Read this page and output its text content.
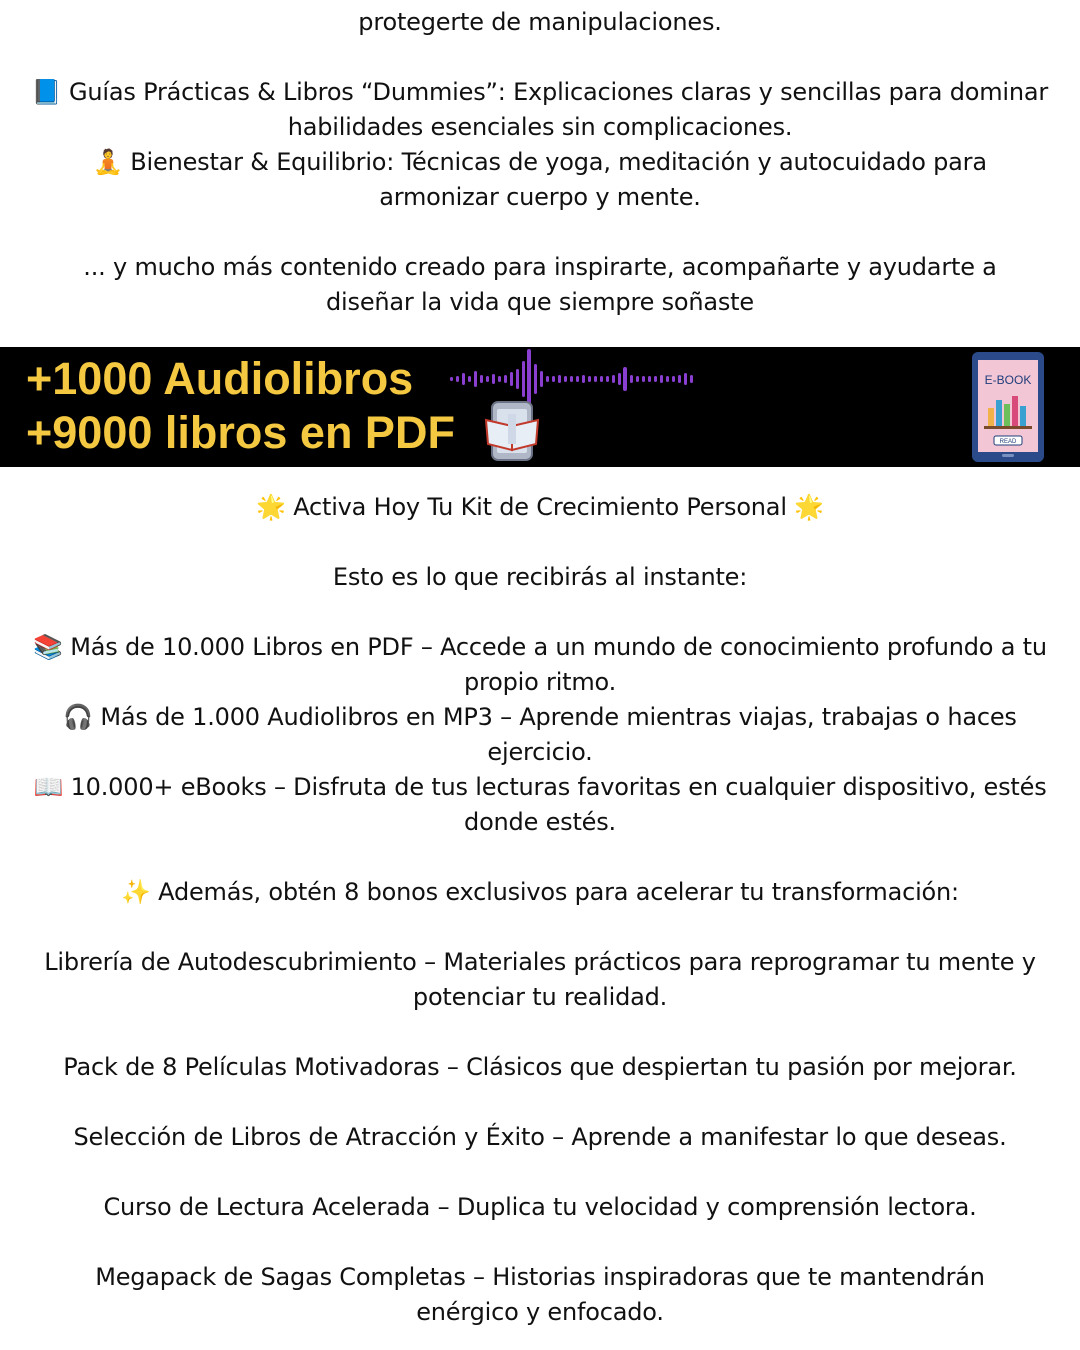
protegerte de manipulaciones.
📘 Guías Prácticas & Libros “Dummies”: Explicaciones claras y sencillas para dominar
habilidades esenciales sin complicaciones.
🧘 Bienestar & Equilibrio: Técnicas de yoga, meditación y autocuidado para
armonizar cuerpo y mente.
... y mucho más contenido creado para inspirarte, acompañarte y ayudarte a
diseñar la vida que siempre soñaste
+1000 Audiolibros
+9000 libros en PDF
E-BOOK
READ
🌟 Activa Hoy Tu Kit de Crecimiento Personal 🌟
Esto es lo que recibirás al instante:
📚 Más de 10.000 Libros en PDF – Accede a un mundo de conocimiento profundo a tu
propio ritmo.
🎧 Más de 1.000 Audiolibros en MP3 – Aprende mientras viajas, trabajas o haces
ejercicio.
📖 10.000+ eBooks – Disfruta de tus lecturas favoritas en cualquier dispositivo, estés
donde estés.
✨ Además, obtén 8 bonos exclusivos para acelerar tu transformación:
Librería de Autodescubrimiento – Materiales prácticos para reprogramar tu mente y
potenciar tu realidad.
Pack de 8 Películas Motivadoras – Clásicos que despiertan tu pasión por mejorar.
Selección de Libros de Atracción y Éxito – Aprende a manifestar lo que deseas.
Curso de Lectura Acelerada – Duplica tu velocidad y comprensión lectora.
Megapack de Sagas Completas – Historias inspiradoras que te mantendrán
enérgico y enfocado.
